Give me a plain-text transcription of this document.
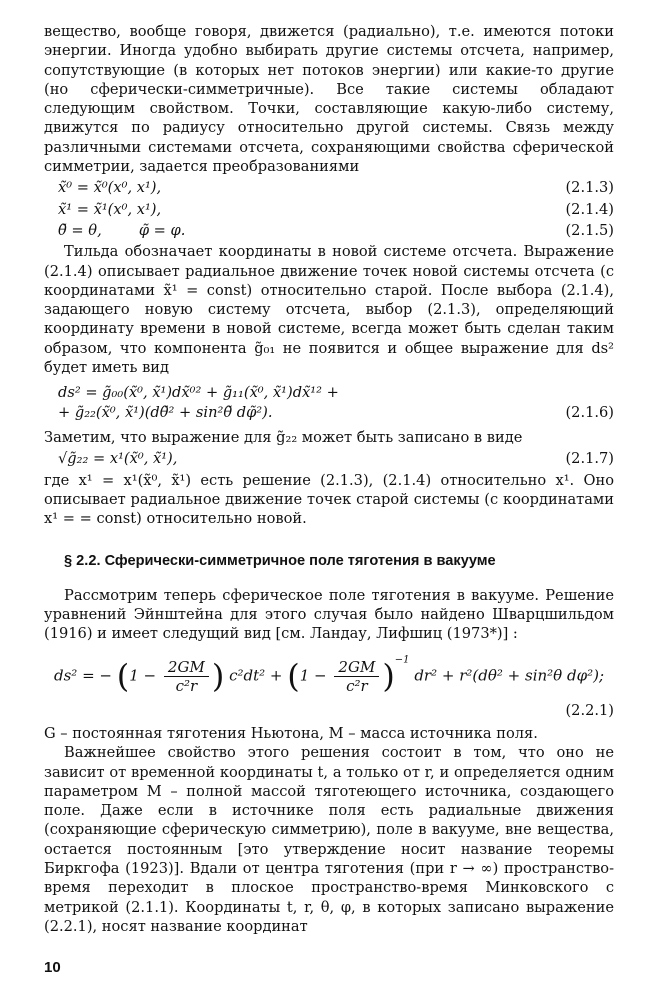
вещество, вообще говоря, движется (радиально), т.е. имеются потоки энергии. Иногда удобно выбирать другие системы отсчета, например, сопутствующие (в которых нет потоков энергии) или какие-то другие (но сферически-симметричные). Все такие системы обладают следующим свойством. Точки, составляющие какую-либо систему, движутся по радиусу относительно другой системы. Связь между различными системами отсчета, сохраняющими свойства сферической симметрии, задается преобразованиями

x̃⁰ = x̃⁰(x⁰, x¹),	(2.1.3)
x̃¹ = x̃¹(x⁰, x¹),	(2.1.4)
θ̃ = θ,        φ̃ = φ.	(2.1.5)

Тильда обозначает координаты в новой системе отсчета. Выражение (2.1.4) описывает радиальное движение точек новой системы отсчета (с координатами x̃¹ = const) относительно старой. После выбора (2.1.4), задающего новую систему отсчета, выбор (2.1.3), определяющий координату времени в новой системе, всегда может быть сделан таким образом, что компонента g̃₀₁ не появится и общее выражение для ds² будет иметь вид

ds² = g̃₀₀(x̃⁰, x̃¹)dx̃⁰² + g̃₁₁(x̃⁰, x̃¹)dx̃¹² +
+ g̃₂₂(x̃⁰, x̃¹)(dθ̃² + sin²θ̃ dφ̃²).	(2.1.6)

Заметим, что выражение для g̃₂₂ может быть записано в виде

√g̃₂₂ = x¹(x̃⁰, x̃¹),	(2.1.7)

где x¹ = x¹(x̃⁰, x̃¹) есть решение (2.1.3), (2.1.4) относительно x¹. Оно описывает радиальное движение точек старой системы (с координатами x¹ = = const) относительно новой.

§ 2.2. Сферически-симметричное поле тяготения в вакууме

Рассмотрим теперь сферическое поле тяготения в вакууме. Решение уравнений Эйнштейна для этого случая было найдено Шварцшильдом (1916) и имеет следущий вид [см. Ландау, Лифшиц (1973*)] :

ds² = − ($1 - \frac{2GM}{\text{c²r}}$ ) $c^2dt^2 + (1 - \frac{2GM}{\text{c²r}} )^{-1}$ dr² + r²(dθ² + sin²θ dφ²);
(2.2.1)

G – постоянная тяготения Ньютона, M – масса источника поля.

Важнейшее свойство этого решения состоит в том, что оно не зависит от временной координаты t, а только от r, и определяется одним параметром M – полной массой тяготеющего источника, создающего поле. Даже если в источнике поля есть радиальные движения (сохраняющие сферическую симметрию), поле в вакууме, вне вещества, остается постоянным [это утверждение носит название теоремы Биркгофа (1923)]. Вдали от центра тяготения (при r → ∞) пространство-время переходит в плоское пространство-время Минковского с метрикой (2.1.1). Координаты t, r, θ, φ, в которых записано выражение (2.2.1), носят название координат

10
